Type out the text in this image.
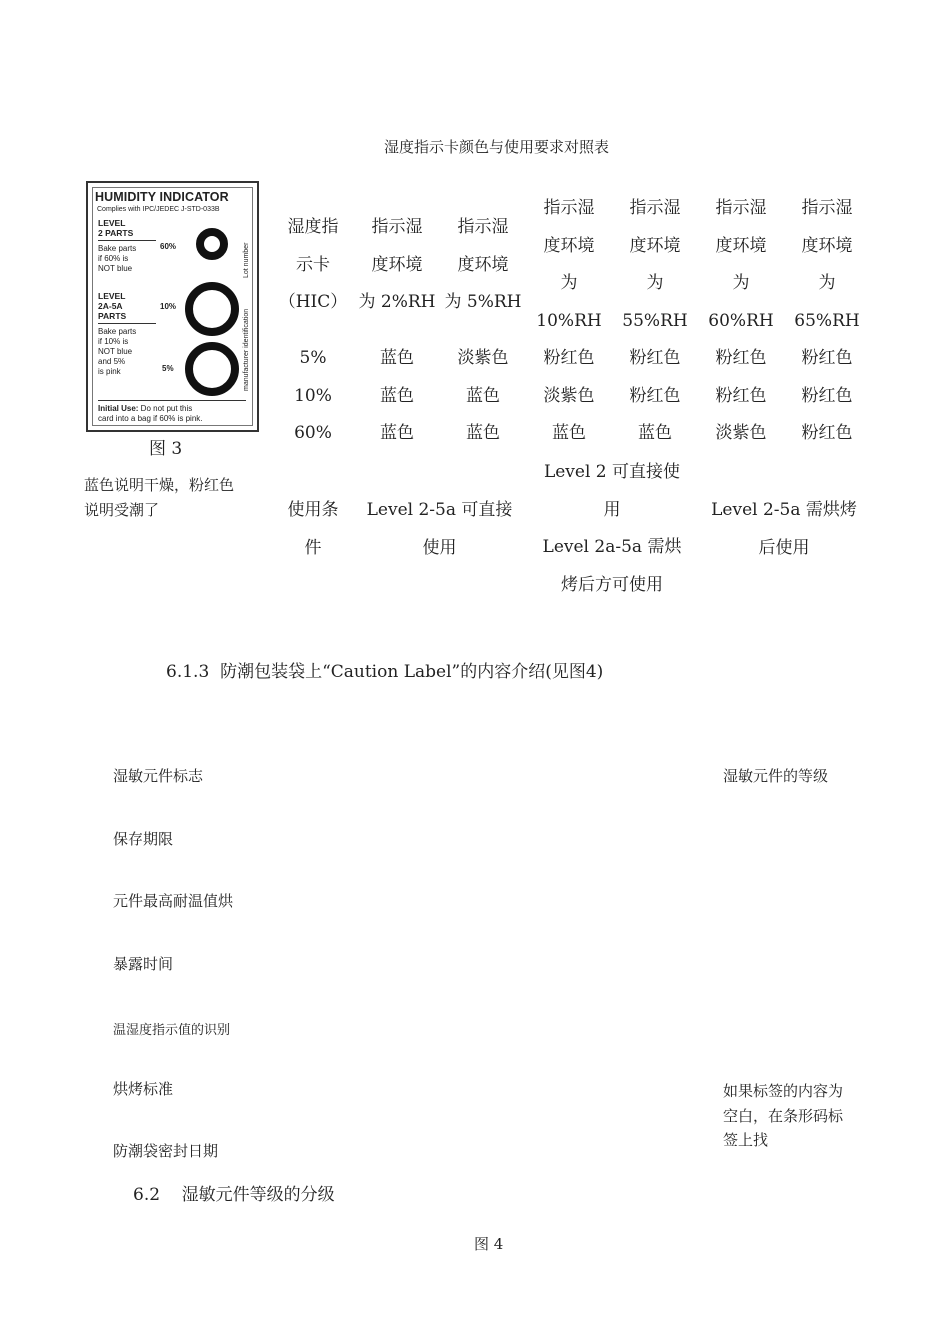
湿度指示卡颜色与使用要求对照表
HUMIDITY INDICATOR
Complies with IPC/JEDEC J-STD-033B
LEVEL
2 PARTS
Bake parts
if 60% is
NOT blue
60%
LEVEL
2A-5A
PARTS
Bake parts
if 10% is
NOT blue
and 5%
is pink
10%
5%
Lot number
manufacturer identification
Initial Use: Do not put this
card into a bag if 60% is pink.
图 3
蓝色说明干燥，粉红色
说明受潮了
湿度指
示卡
（HIC）
指示湿
度环境
为 2%RH
指示湿
度环境
为 5%RH
指示湿
度环境
为
10%RH
指示湿
度环境
为
55%RH
指示湿
度环境
为
60%RH
指示湿
度环境
为
65%RH
5%
10%
60%
蓝色
蓝色
蓝色
淡紫色
蓝色
蓝色
粉红色
淡紫色
蓝色
粉红色
粉红色
蓝色
粉红色
粉红色
淡紫色
粉红色
粉红色
粉红色
使用条
件
Level 2-5a 可直接
使用
Level 2 可直接使
用
Level 2a-5a 需烘
烤后方可使用
Level 2-5a 需烘烤
后使用
6.1.3  防潮包装袋上“Caution Label”的内容介绍(见图4)
湿敏元件标志
保存期限
元件最高耐温值烘
暴露时间
温湿度指示值的识别
烘烤标准
防潮袋密封日期
湿敏元件的等级
如果标签的内容为
空白，在条形码标
签上找
6.2    湿敏元件等级的分级
图 4
